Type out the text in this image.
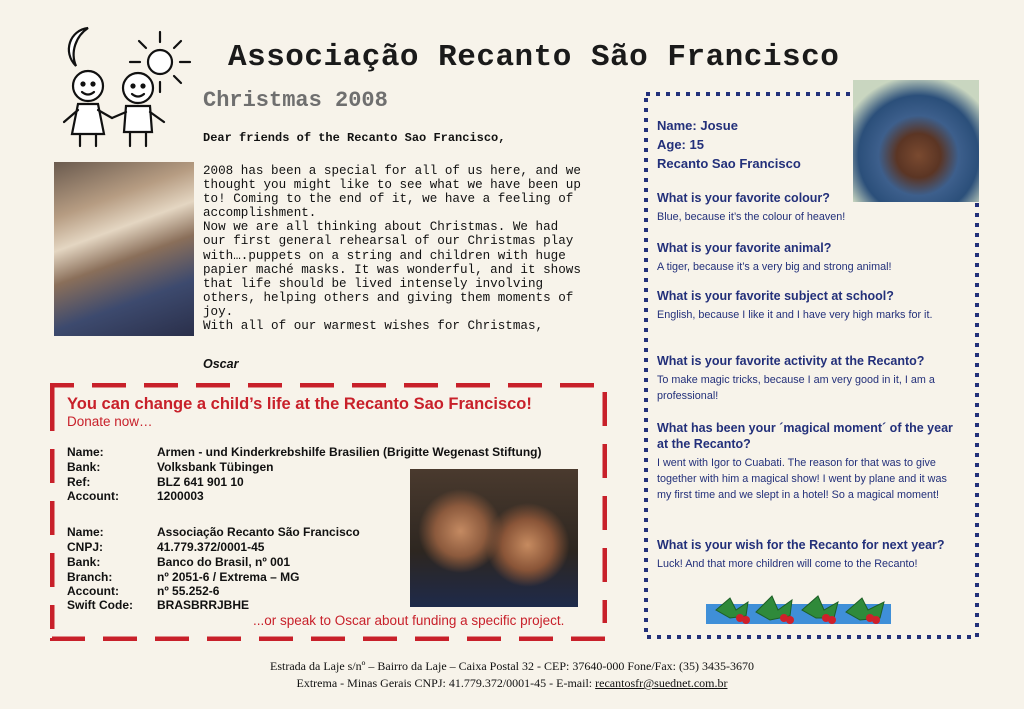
Associação Recanto São Francisco
Christmas 2008
Dear friends of the Recanto Sao Francisco,

2008 has been a special for all of us here, and we
thought you might like to see what we have been up
to! Coming to the end of it, we have a feeling of
accomplishment.

Now we are all thinking about Christmas. We had
our first general rehearsal of our Christmas play
with….puppets on a string and children with huge
papier maché masks. It was wonderful, and it shows
that life should be lived intensely involving
others, helping others and giving them moments of
joy.

With all of our warmest wishes for Christmas,

Oscar
You can change a child’s life at the Recanto Sao Francisco!
Donate now…
Name:	Armen - und Kinderkrebshilfe Brasilien (Brigitte Wegenast Stiftung)
Bank:	Volksbank Tübingen
Ref:	BLZ 641 901 10
Account:	1200003
Name:	Associação Recanto São Francisco
CNPJ:	41.779.372/0001-45
Bank:	Banco do Brasil, nº 001
Branch:	nº 2051-6 / Extrema – MG
Account:	nº 55.252-6
Swift Code: BRASBRRJBHE
...or speak to Oscar about funding a specific project.
Name: Josue
Age: 15
Recanto Sao Francisco
What is your favorite colour?
Blue, because it’s the colour of heaven!
What is your favorite animal?
A tiger, because it’s a very big and strong animal!
What is your favorite subject at school?
English, because I like it and I have very high marks for it.
What is your favorite activity at the Recanto?
To make magic tricks, because I am very good in it, I am a professional!
What has been your ´magical moment´ of the year at the Recanto?
I went with Igor to Cuabati. The reason for that was to give together with him a magical show! I went by plane and it was my first time and we slept in a hotel! So a magical moment!
What is your wish for the Recanto for next year?
Luck! And that more children will come to the Recanto!
Estrada da Laje s/nº – Bairro da Laje – Caixa Postal 32 - CEP: 37640-000 Fone/Fax: (35) 3435-3670
Extrema - Minas Gerais CNPJ: 41.779.372/0001-45 - E-mail: recantosfr@suednet.com.br
